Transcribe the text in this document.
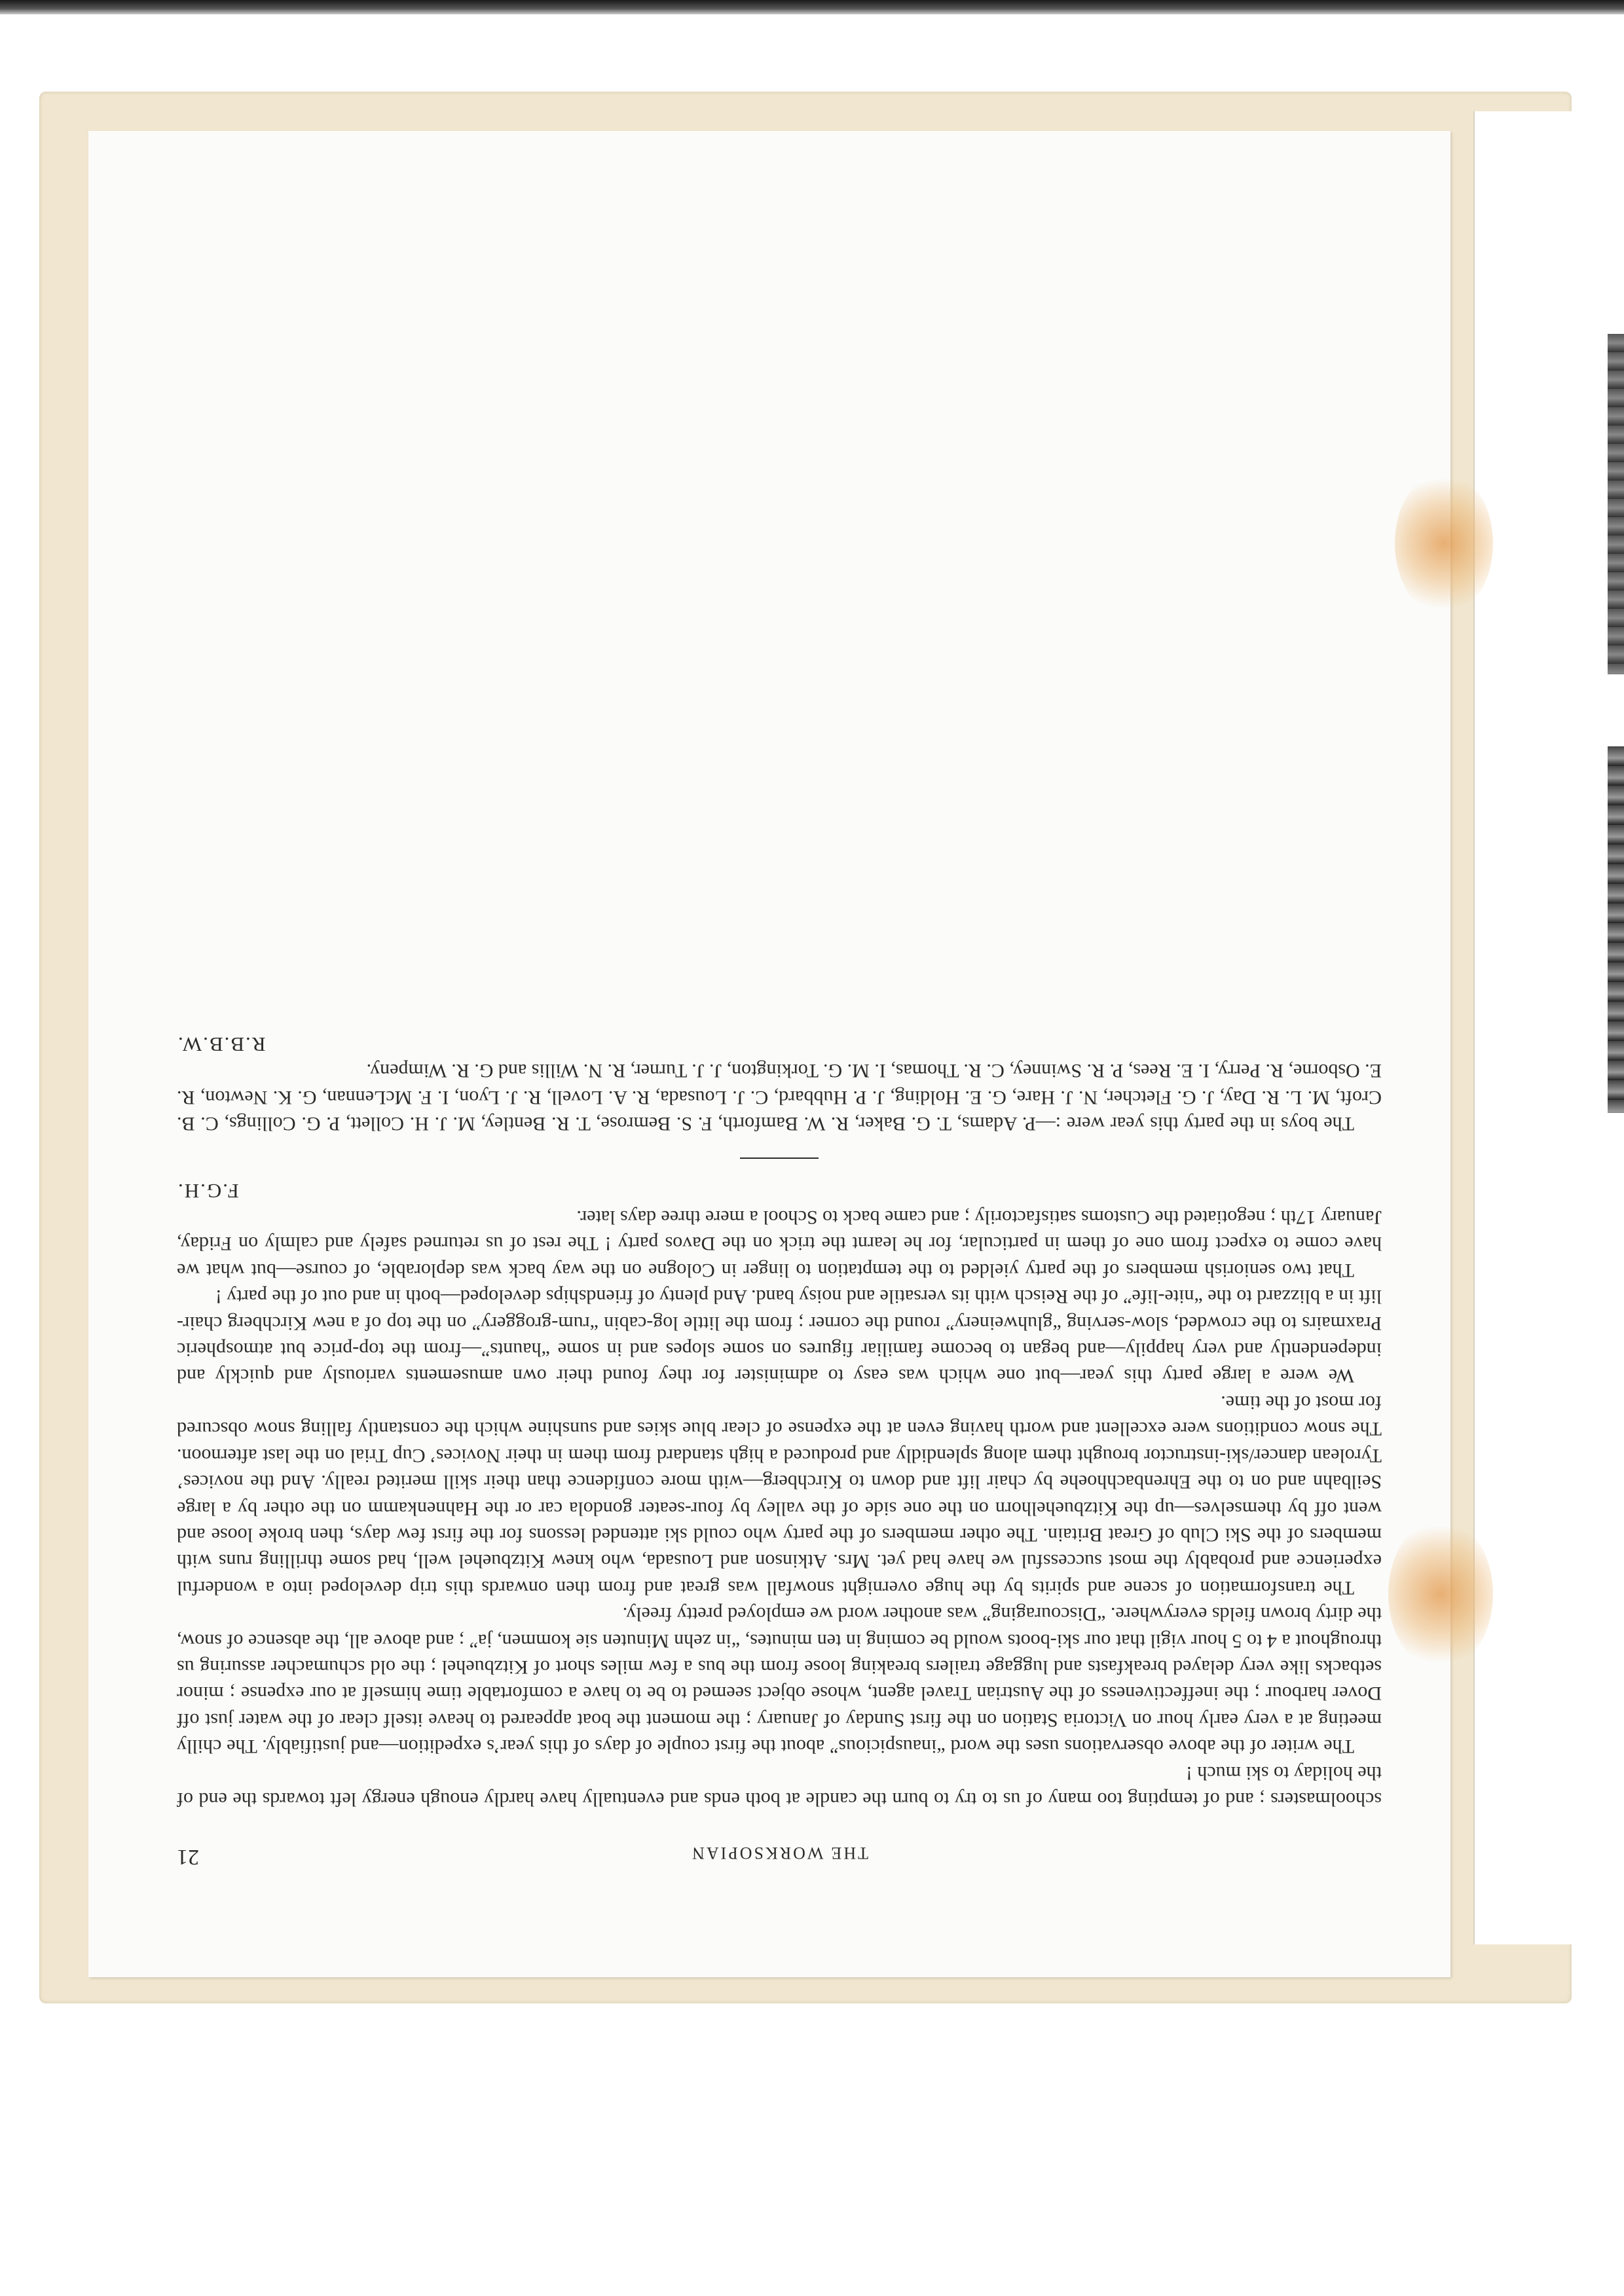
THE WORKSOPIAN
21

schoolmasters ; and of tempting too many of us to try to burn the candle at both ends and eventually have hardly enough energy left towards the end of the holiday to ski much !

The writer of the above observations uses the word “inauspicious” about the first couple of days of this year’s expedition—and justifiably. The chilly meeting at a very early hour on Victoria Station on the first Sunday of January ; the moment the boat appeared to heave itself clear of the water just off Dover harbour ; the ineffectiveness of the Austrian Travel agent, whose object seemed to be to have a comfortable time himself at our expense ; minor setbacks like very delayed breakfasts and luggage trailers breaking loose from the bus a few miles short of Kitzbuehel ; the old schumacher assuring us throughout a 4 to 5 hour vigil that our ski-boots would be coming in ten minutes, “in zehn Minuten sie kommen, ja” ; and above all, the absence of snow, the dirty brown fields everywhere. “Discouraging” was another word we employed pretty freely.

The transformation of scene and spirits by the huge overnight snowfall was great and from then onwards this trip developed into a wonderful experience and probably the most successful we have had yet. Mrs. Atkinson and Lousada, who knew Kitzbuehel well, had some thrilling runs with members of the Ski Club of Great Britain. The other members of the party who could ski attended lessons for the first few days, then broke loose and went off by themselves—up the Kitzbuehelhorn on the one side of the valley by four-seater gondola car or the Hahnenkamm on the other by a large Seilbahn and on to the Ehrenbachhoehe by chair lift and down to Kirchberg—with more confidence than their skill merited really. And the novices’ Tyrolean dancer/ski-instructor brought them along splendidly and produced a high standard from them in their Novices’ Cup Trial on the last afternoon. The snow conditions were excellent and worth having even at the expense of clear blue skies and sunshine which the constantly falling snow obscured for most of the time.

We were a large party this year—but one which was easy to administer for they found their own amusements variously and quickly and independently and very happily—and began to become familiar figures on some slopes and in some “haunts”—from the top-price but atmospheric Praxmairs to the crowded, slow-serving “gluhweinery” round the corner ; from the little log-cabin “rum-groggery” on the top of a new Kirchberg chair-lift in a blizzard to the “nite-life” of the Reisch with its versatile and noisy band. And plenty of friendships developed—both in and out of the party !

That two seniorish members of the party yielded to the temptation to linger in Cologne on the way back was deplorable, of course—but what we have come to expect from one of them in particular, for he learnt the trick on the Davos party ! The rest of us returned safely and calmly on Friday, January 17th ; negotiated the Customs satisfactorily ; and came back to School a mere three days later.

F.G.H.

The boys in the party this year were :—P. Adams, T. G. Baker, R. W. Bamforth, F. S. Bemrose, T. R. Bentley, M. J. H. Collett, P. G. Collings, C. B. Croft, M. L. R. Day, J. G. Fletcher, N. J. Hare, G. E. Holding, J. P. Hubbard, C. J. Lousada, R. A. Lovell, R. J. Lyon, I. F. McLennan, G. K. Newton, R. E. Osborne, R. Perry, I. E. Rees, P. R. Swinney, C. R. Thomas, I. M. G. Torkington, J. J. Turner, R. N. Willis and G. R. Wimpeny.

R.B.B.W.
